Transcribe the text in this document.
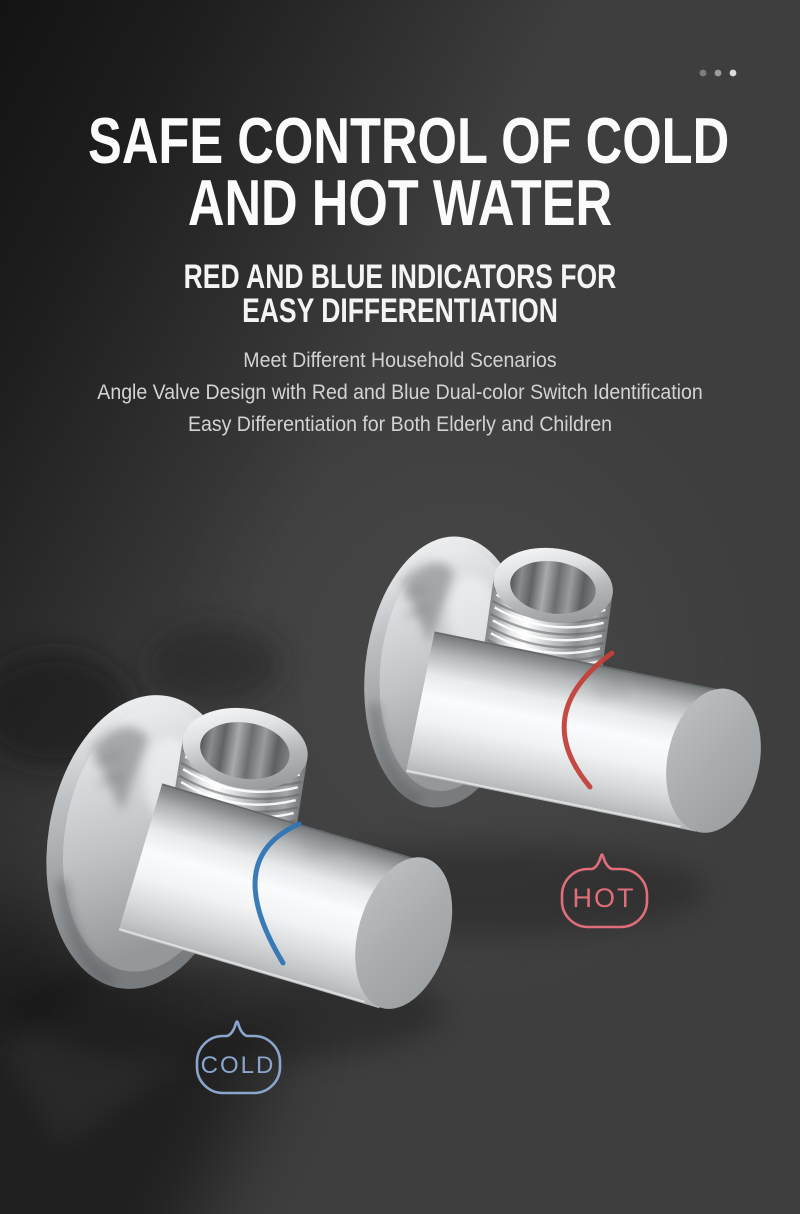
HOT
COLD
SAFE CONTROL OF COLD
AND HOT WATER
RED AND BLUE INDICATORS FOR
EASY DIFFERENTIATION

Meet Different Household Scenarios

Angle Valve Design with Red and Blue Dual-color Switch Identification

Easy Differentiation for Both Elderly and Children
